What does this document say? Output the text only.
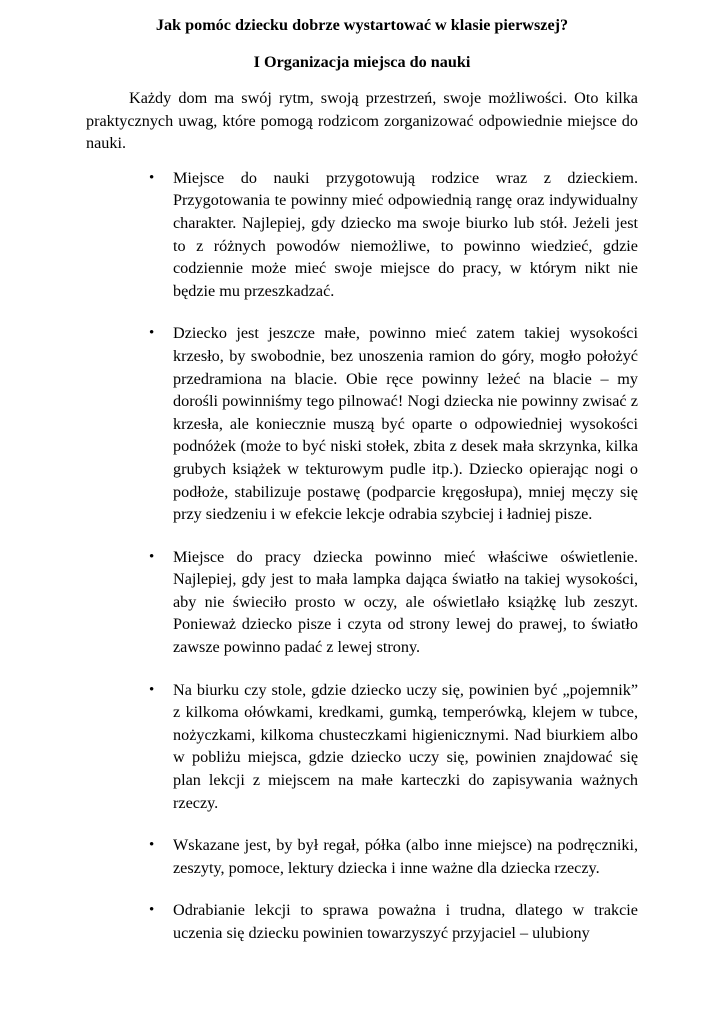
Jak pomóc dziecku dobrze wystartować w klasie pierwszej?
I Organizacja miejsca do nauki

Każdy dom ma swój rytm, swoją przestrzeń, swoje możliwości. Oto kilka praktycznych uwag, które pomogą rodzicom zorganizować odpowiednie miejsce do nauki.

• Miejsce do nauki przygotowują rodzice wraz z dzieckiem. Przygotowania te powinny mieć odpowiednią rangę oraz indywidualny charakter. Najlepiej, gdy dziecko ma swoje biurko lub stół. Jeżeli jest to z różnych powodów niemożliwe, to powinno wiedzieć, gdzie codziennie może mieć swoje miejsce do pracy, w którym nikt nie będzie mu przeszkadzać.
• Dziecko jest jeszcze małe, powinno mieć zatem takiej wysokości krzesło, by swobodnie, bez unoszenia ramion do góry, mogło położyć przedramiona na blacie. Obie ręce powinny leżeć na blacie – my dorośli powinniśmy tego pilnować! Nogi dziecka nie powinny zwisać z krzesła, ale koniecznie muszą być oparte o odpowiedniej wysokości podnóżek (może to być niski stołek, zbita z desek mała skrzynka, kilka grubych książek w tekturowym pudle itp.). Dziecko opierając nogi o podłoże, stabilizuje postawę (podparcie kręgosłupa), mniej męczy się przy siedzeniu i w efekcie lekcje odrabia szybciej i ładniej pisze.
• Miejsce do pracy dziecka powinno mieć właściwe oświetlenie. Najlepiej, gdy jest to mała lampka dająca światło na takiej wysokości, aby nie świeciło prosto w oczy, ale oświetlało książkę lub zeszyt. Ponieważ dziecko pisze i czyta od strony lewej do prawej, to światło zawsze powinno padać z lewej strony.
• Na biurku czy stole, gdzie dziecko uczy się, powinien być „pojemnik” z kilkoma ołówkami, kredkami, gumką, temperówką, klejem w tubce, nożyczkami, kilkoma chusteczkami higienicznymi. Nad biurkiem albo w pobliżu miejsca, gdzie dziecko uczy się, powinien znajdować się plan lekcji z miejscem na małe karteczki do zapisywania ważnych rzeczy.
• Wskazane jest, by był regał, półka (albo inne miejsce) na podręczniki, zeszyty, pomoce, lektury dziecka i inne ważne dla dziecka rzeczy.
• Odrabianie lekcji to sprawa poważna i trudna, dlatego w trakcie uczenia się dziecku powinien towarzyszyć przyjaciel – ulubiony
